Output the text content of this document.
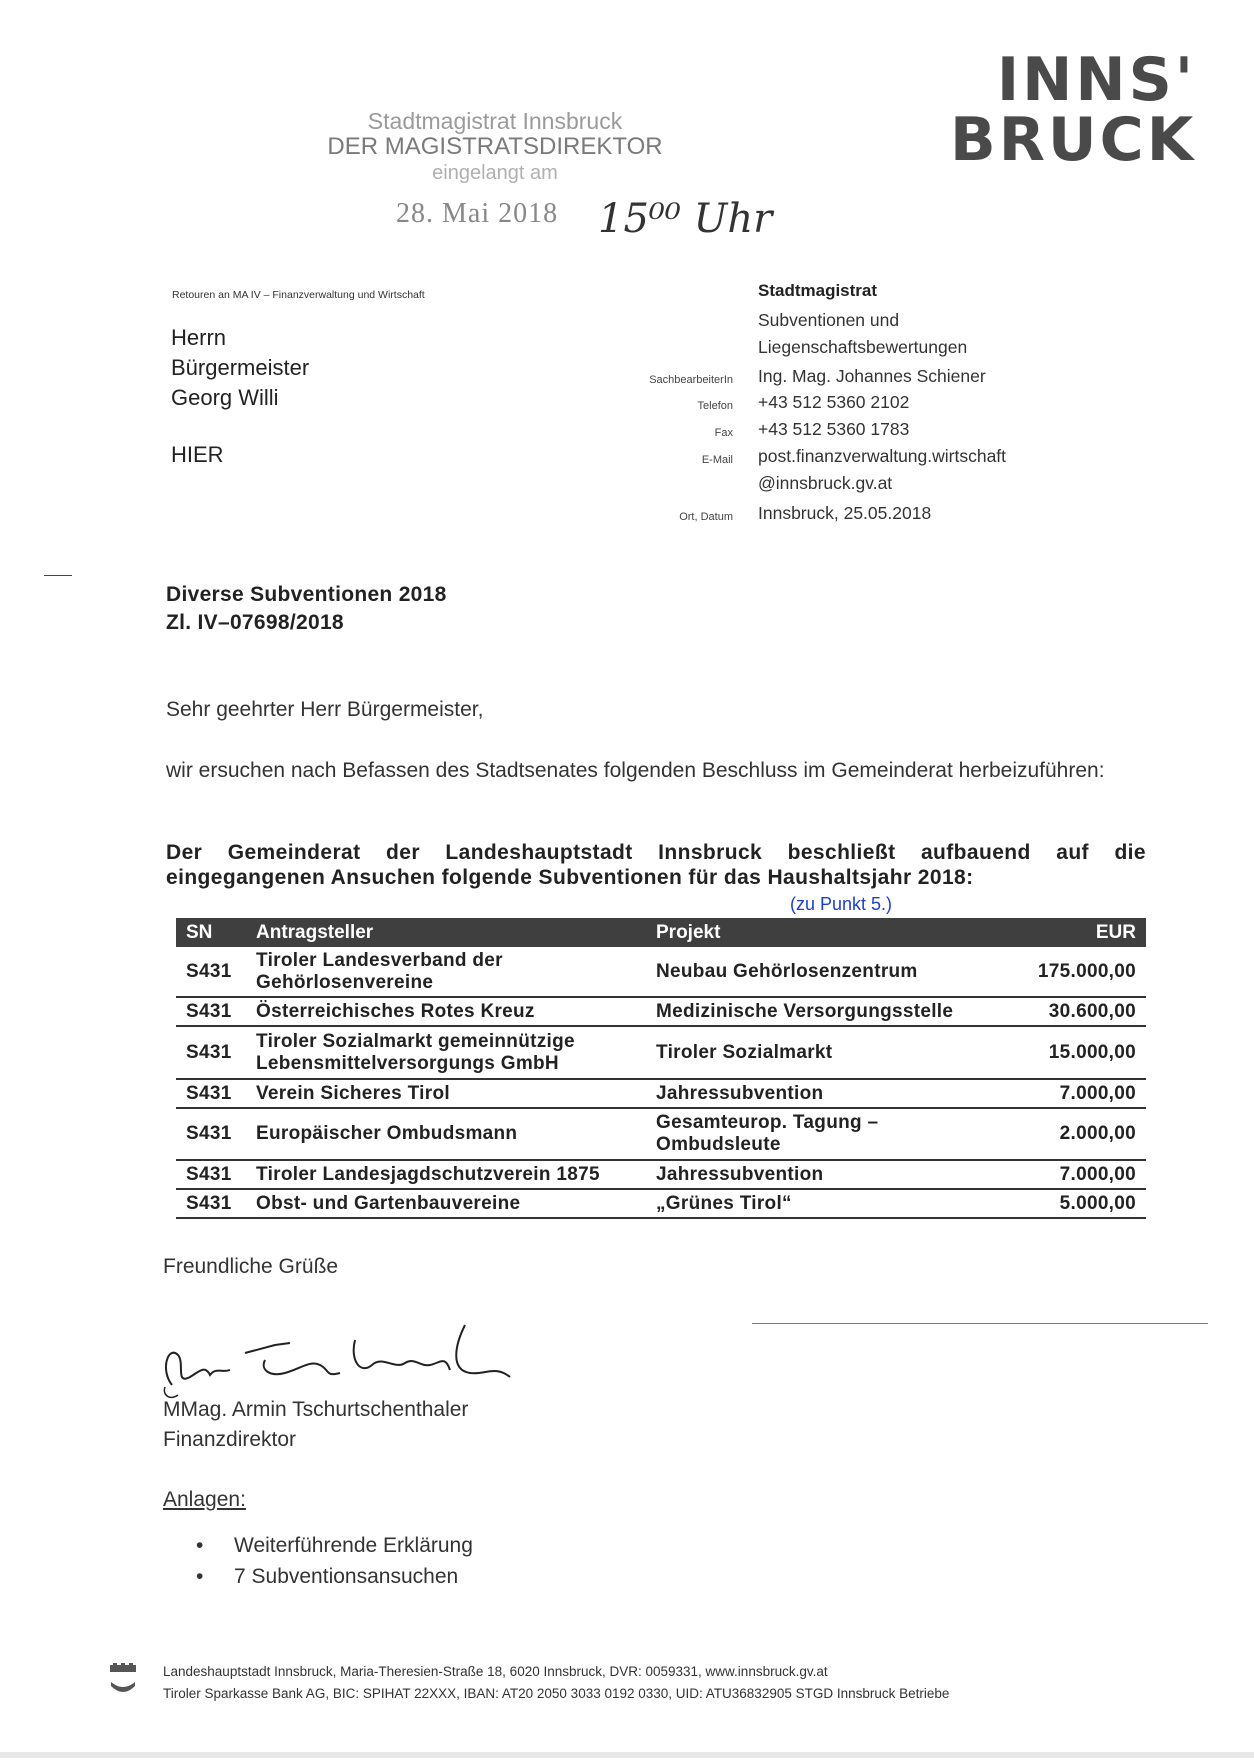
INNS'
BRUCK
Stadtmagistrat Innsbruck
DER MAGISTRATSDIREKTOR
eingelangt am
28. Mai 2018 15⁰⁰ Uhr
Retouren an MA IV – Finanzverwaltung und Wirtschaft
Herrn
Bürgermeister
Georg Willi
HIER
Stadtmagistrat
Subventionen und
Liegenschaftsbewertungen
SachbearbeiterIn Ing. Mag. Johannes Schiener
Telefon +43 512 5360 2102
Fax +43 512 5360 1783
E-Mail post.finanzverwaltung.wirtschaft
@innsbruck.gv.at
Ort, Datum Innsbruck, 25.05.2018
Diverse Subventionen 2018
Zl. IV–07698/2018
Sehr geehrter Herr Bürgermeister,
wir ersuchen nach Befassen des Stadtsenates folgenden Beschluss im Gemeinderat herbeizuführen:
Der Gemeinderat der Landeshauptstadt Innsbruck beschließt aufbauend auf die eingegangenen Ansuchen folgende Subventionen für das Haushaltsjahr 2018:
(zu Punkt 5.)
SN	Antragsteller	Projekt	EUR
S431	Tiroler Landesverband der Gehörlosenvereine	Neubau Gehörlosenzentrum	175.000,00
S431	Österreichisches Rotes Kreuz	Medizinische Versorgungsstelle	30.600,00
S431	Tiroler Sozialmarkt gemeinnützige Lebensmittelversorgungs GmbH	Tiroler Sozialmarkt	15.000,00
S431	Verein Sicheres Tirol	Jahressubvention	7.000,00
S431	Europäischer Ombudsmann	Gesamteurop. Tagung – Ombudsleute	2.000,00
S431	Tiroler Landesjagdschutzverein 1875	Jahressubvention	7.000,00
S431	Obst- und Gartenbauvereine	„Grünes Tirol“	5.000,00
Freundliche Grüße
MMag. Armin Tschurtschenthaler
Finanzdirektor
Anlagen:
• Weiterführende Erklärung
• 7 Subventionsansuchen
Landeshauptstadt Innsbruck, Maria-Theresien-Straße 18, 6020 Innsbruck, DVR: 0059331, www.innsbruck.gv.at
Tiroler Sparkasse Bank AG, BIC: SPIHAT 22XXX, IBAN: AT20 2050 3033 0192 0330, UID: ATU36832905 STGD Innsbruck Betriebe
